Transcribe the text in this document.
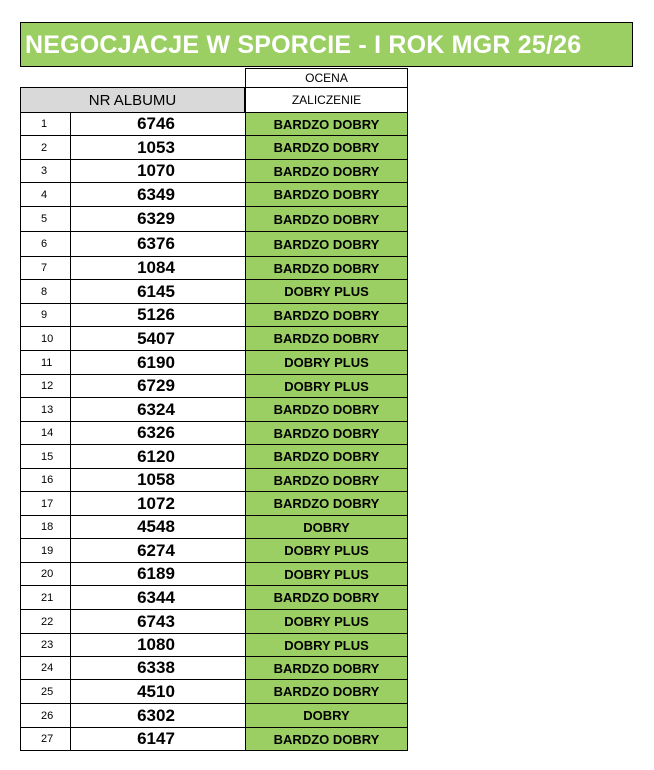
NEGOCJACJE W SPORCIE - I ROK MGR 25/26
OCENA
NR ALBUMU	ZALICZENIE
1	6746	BARDZO DOBRY
2	1053	BARDZO DOBRY
3	1070	BARDZO DOBRY
4	6349	BARDZO DOBRY
5	6329	BARDZO DOBRY
6	6376	BARDZO DOBRY
7	1084	BARDZO DOBRY
8	6145	DOBRY PLUS
9	5126	BARDZO DOBRY
10	5407	BARDZO DOBRY
11	6190	DOBRY PLUS
12	6729	DOBRY PLUS
13	6324	BARDZO DOBRY
14	6326	BARDZO DOBRY
15	6120	BARDZO DOBRY
16	1058	BARDZO DOBRY
17	1072	BARDZO DOBRY
18	4548	DOBRY
19	6274	DOBRY PLUS
20	6189	DOBRY PLUS
21	6344	BARDZO DOBRY
22	6743	DOBRY PLUS
23	1080	DOBRY PLUS
24	6338	BARDZO DOBRY
25	4510	BARDZO DOBRY
26	6302	DOBRY
27	6147	BARDZO DOBRY
